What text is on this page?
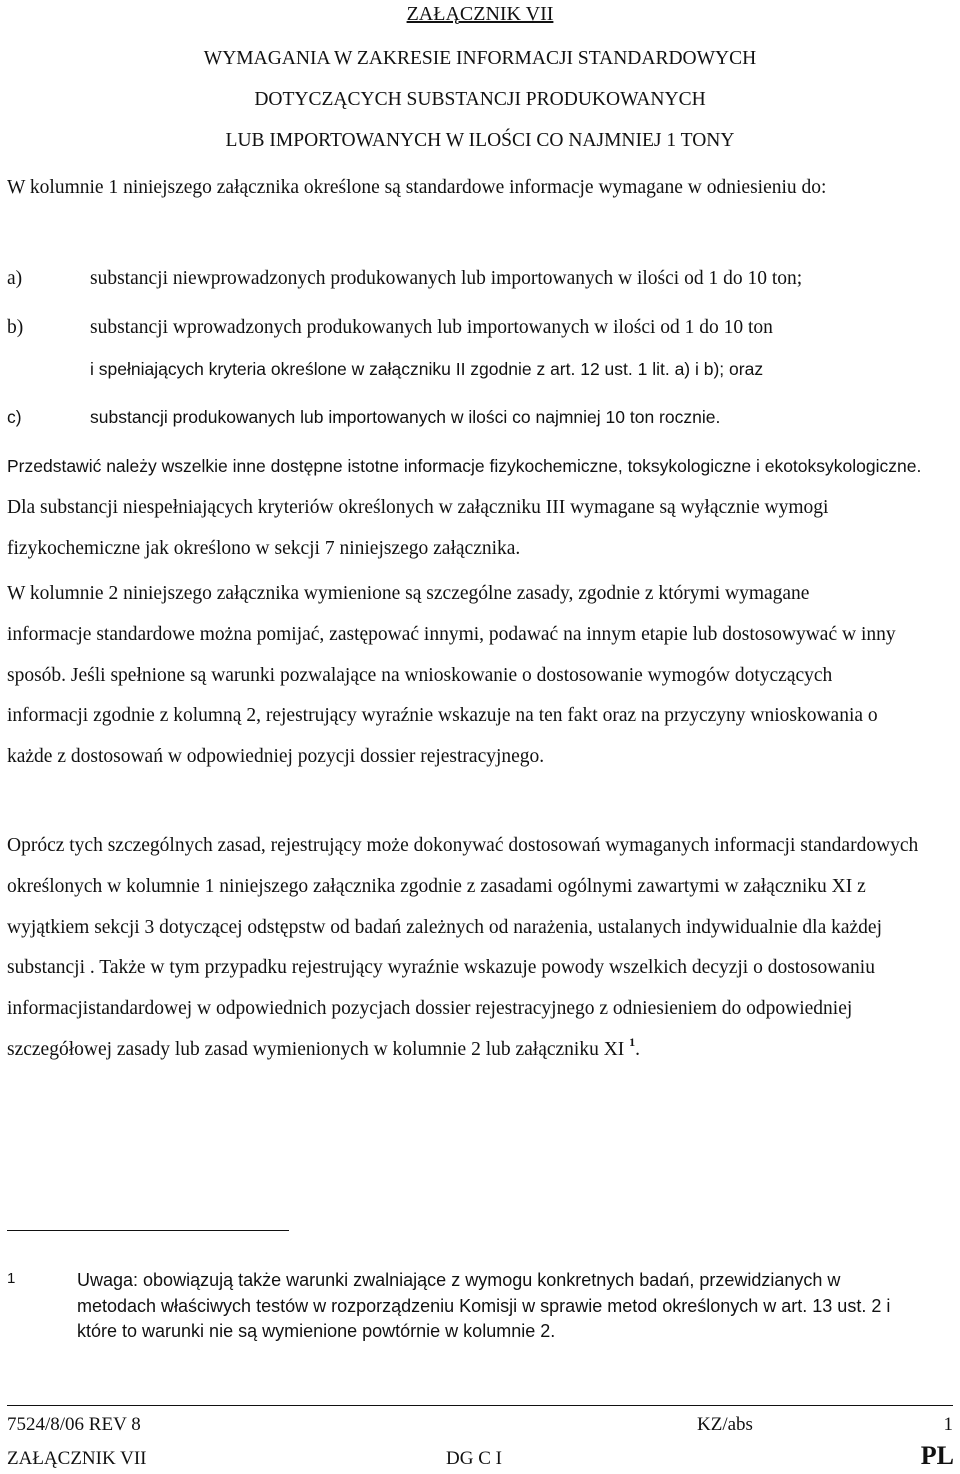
ZAŁĄCZNIK VII
WYMAGANIA W ZAKRESIE INFORMACJI STANDARDOWYCH
DOTYCZĄCYCH SUBSTANCJI PRODUKOWANYCH
LUB IMPORTOWANYCH W ILOŚCI CO NAJMNIEJ 1 TONY

W kolumnie 1 niniejszego załącznika określone są standardowe informacje wymagane w odniesieniu do:

a)	substancji niewprowadzonych produkowanych lub importowanych w ilości od 1 do 10 ton;

b)	substancji wprowadzonych produkowanych lub importowanych w ilości od 1 do 10 ton

i spełniających kryteria określone w załączniku II zgodnie z art. 12 ust. 1 lit. a) i b); oraz

c)	substancji produkowanych lub importowanych w ilości co najmniej 10 ton rocznie.

Przedstawić należy wszelkie inne dostępne istotne informacje fizykochemiczne, toksykologiczne i ekotoksykologiczne. Dla substancji niespełniających kryteriów określonych w załączniku III wymagane są wyłącznie wymogi fizykochemiczne jak określono w sekcji 7 niniejszego załącznika.

W kolumnie 2 niniejszego załącznika wymienione są szczególne zasady, zgodnie z którymi wymagane informacje standardowe można pomijać, zastępować innymi, podawać na innym etapie lub dostosowywać w inny sposób. Jeśli spełnione są warunki pozwalające na wnioskowanie o dostosowanie wymogów dotyczących informacji zgodnie z kolumną 2, rejestrujący wyraźnie wskazuje na ten fakt oraz na przyczyny wnioskowania o każde z dostosowań w odpowiedniej pozycji dossier rejestracyjnego.

Oprócz tych szczególnych zasad, rejestrujący może dokonywać dostosowań wymaganych informacji standardowych określonych w kolumnie 1 niniejszego załącznika zgodnie z zasadami ogólnymi zawartymi w załączniku XI z wyjątkiem sekcji 3 dotyczącej odstępstw od badań zależnych od narażenia, ustalanych indywidualnie dla każdej substancji . Także w tym przypadku rejestrujący wyraźnie wskazuje powody wszelkich decyzji o dostosowaniu informacjistandardowej w odpowiednich pozycjach dossier rejestracyjnego z odniesieniem do odpowiedniej szczegółowej zasady lub zasad wymienionych w kolumnie 2 lub załączniku XI $^1$.

1	Uwaga: obowiązują także warunki zwalniające z wymogu konkretnych badań, przewidzianych w metodach właściwych testów w rozporządzeniu Komisji w sprawie metod określonych w art. 13 ust. 2 i które to warunki nie są wymienione powtórnie w kolumnie 2.

7524/8/06 REV 8	KZ/abs	1
ZAŁĄCZNIK VII	DG C I	PL
